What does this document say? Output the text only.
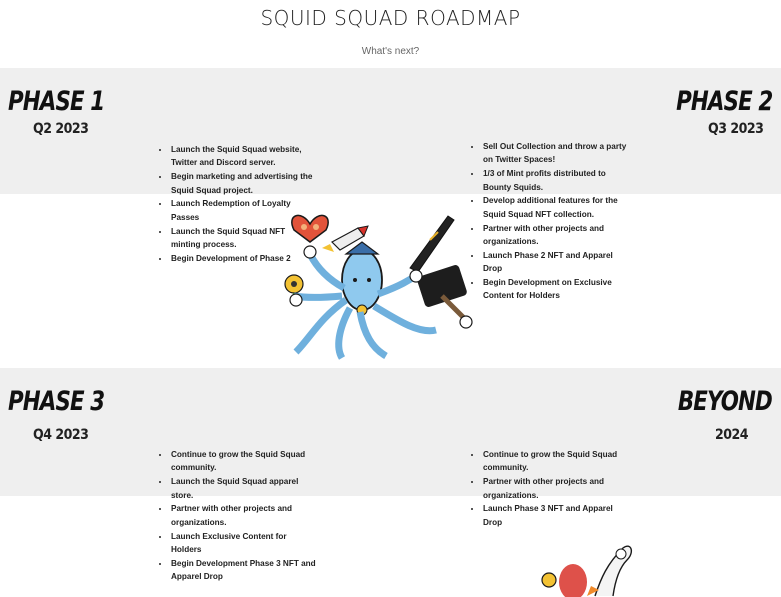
SQUID SQUAD ROADMAP
What's next?
PHASE 1
Q2 2023
• Launch the Squid Squad website, Twitter and Discord server.
• Begin marketing and advertising the Squid Squad project.
• Launch Redemption of Loyalty Passes
• Launch the Squid Squad NFT minting process.
• Begin Development of Phase 2
PHASE 2
Q3 2023
• Sell Out Collection and throw a party on Twitter Spaces!
• 1/3 of Mint profits distributed to Bounty Squids.
• Develop additional features for the Squid Squad NFT collection.
• Partner with other projects and organizations.
• Launch Phase 2 NFT and Apparel Drop
• Begin Development on Exclusive Content for Holders
PHASE 3
Q4 2023
• Continue to grow the Squid Squad community.
• Launch the Squid Squad apparel store.
• Partner with other projects and organizations.
• Launch Exclusive Content for Holders
• Begin Development Phase 3 NFT and Apparel Drop
BEYOND
2024
• Continue to grow the Squid Squad community.
• Partner with other projects and organizations.
• Launch Phase 3 NFT and Apparel Drop
